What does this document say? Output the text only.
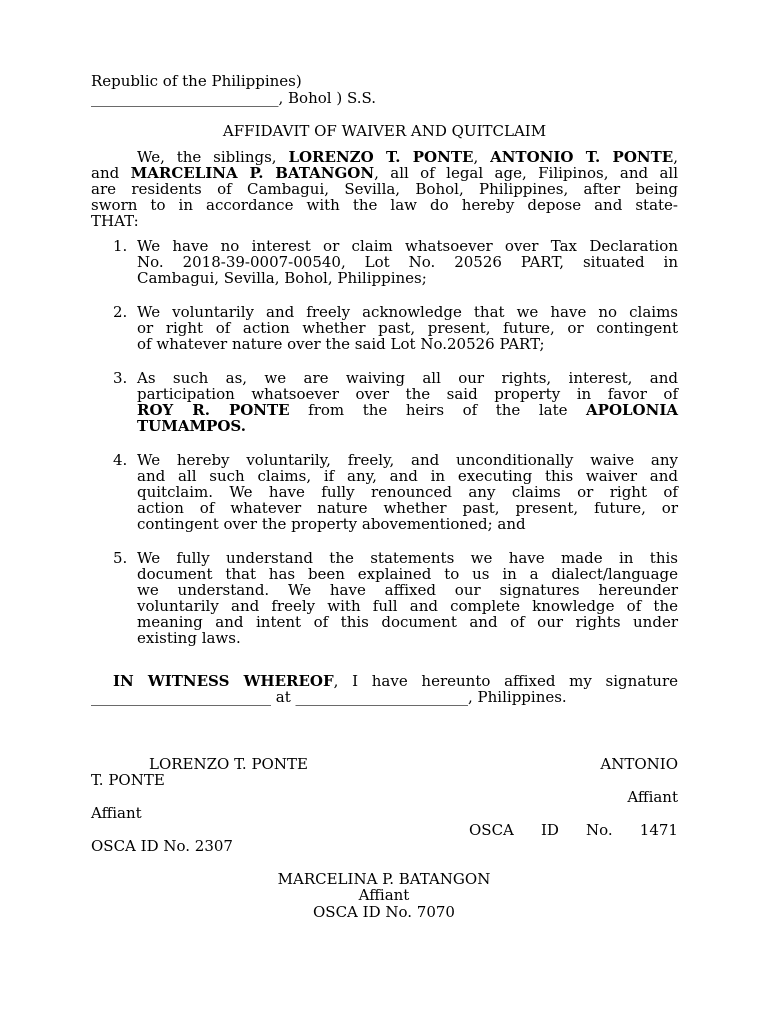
Republic of the Philippines)
_________________________, Bohol ) S.S.
AFFIDAVIT OF WAIVER AND QUITCLAIM
We, the siblings, LORENZO T. PONTE, ANTONIO T. PONTE,
and MARCELINA P. BATANGON, all of legal age, Filipinos, and all
are residents of Cambagui, Sevilla, Bohol, Philippines, after being
sworn to in accordance with the law do hereby depose and state-
THAT:
1. We have no interest or claim whatsoever over Tax Declaration
No. 2018-39-0007-00540, Lot No. 20526 PART, situated in
Cambagui, Sevilla, Bohol, Philippines;
2. We voluntarily and freely acknowledge that we have no claims
or right of action whether past, present, future, or contingent
of whatever nature over the said Lot No.20526 PART;
3. As such as, we are waiving all our rights, interest, and
participation whatsoever over the said property in favor of
ROY R. PONTE from the heirs of the late APOLONIA
TUMAMPOS.
4. We hereby voluntarily, freely, and unconditionally waive any
and all such claims, if any, and in executing this waiver and
quitclaim. We have fully renounced any claims or right of
action of whatever nature whether past, present, future, or
contingent over the property abovementioned; and
5. We fully understand the statements we have made in this
document that has been explained to us in a dialect/language
we understand. We have affixed our signatures hereunder
voluntarily and freely with full and complete knowledge of the
meaning and intent of this document and of our rights under
existing laws.
IN WITNESS WHEREOF, I have hereunto affixed my signature
________________________ at _______________________, Philippines.
LORENZO T. PONTE	ANTONIO
T. PONTE
Affiant
Affiant
OSCA ID No. 1471
OSCA ID No. 2307
MARCELINA P. BATANGON
Affiant
OSCA ID No. 7070
